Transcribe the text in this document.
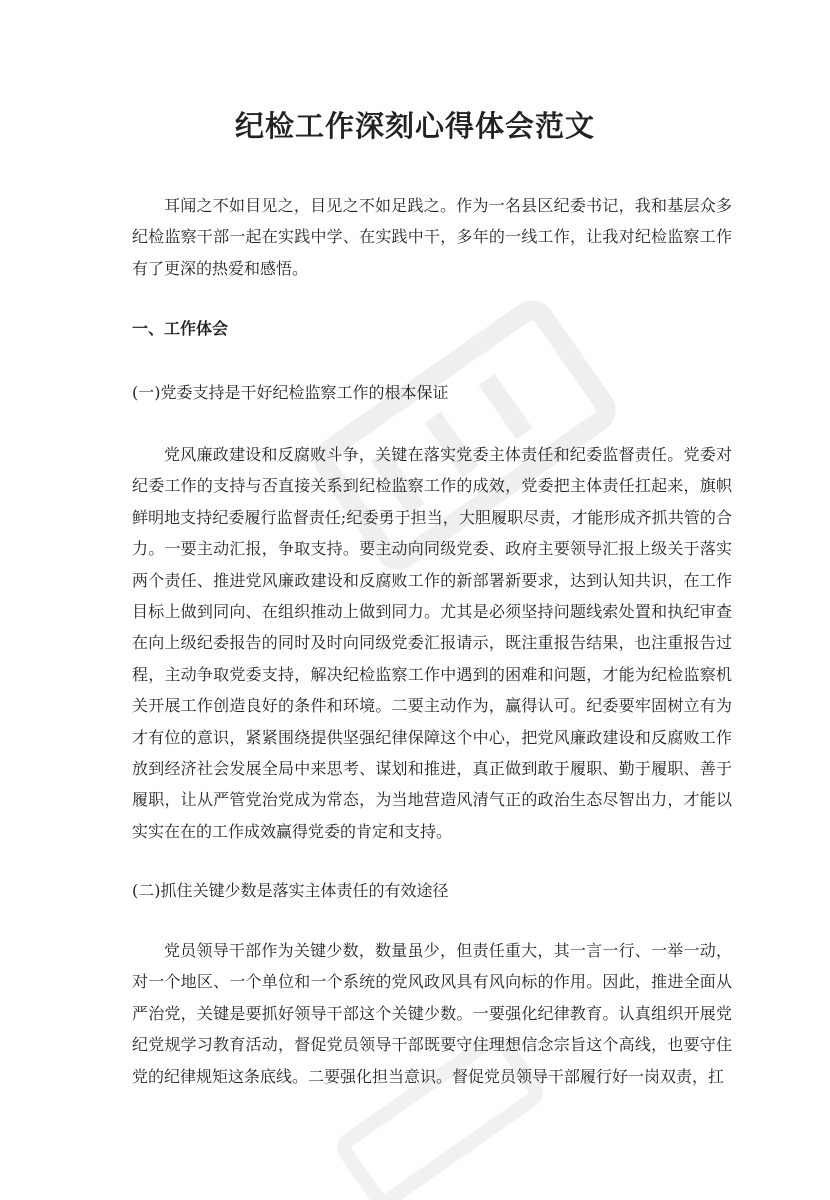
纪检工作深刻心得体会范文

耳闻之不如目见之，目见之不如足践之。作为一名县区纪委书记，我和基层众多纪检监察干部一起在实践中学、在实践中干，多年的一线工作，让我对纪检监察工作有了更深的热爱和感悟。

一、工作体会

(一)党委支持是干好纪检监察工作的根本保证

党风廉政建设和反腐败斗争，关键在落实党委主体责任和纪委监督责任。党委对纪委工作的支持与否直接关系到纪检监察工作的成效，党委把主体责任扛起来，旗帜鲜明地支持纪委履行监督责任;纪委勇于担当，大胆履职尽责，才能形成齐抓共管的合力。一要主动汇报，争取支持。要主动向同级党委、政府主要领导汇报上级关于落实两个责任、推进党风廉政建设和反腐败工作的新部署新要求，达到认知共识，在工作目标上做到同向、在组织推动上做到同力。尤其是必须坚持问题线索处置和执纪审查在向上级纪委报告的同时及时向同级党委汇报请示，既注重报告结果，也注重报告过程，主动争取党委支持，解决纪检监察工作中遇到的困难和问题，才能为纪检监察机关开展工作创造良好的条件和环境。二要主动作为，赢得认可。纪委要牢固树立有为才有位的意识，紧紧围绕提供坚强纪律保障这个中心，把党风廉政建设和反腐败工作放到经济社会发展全局中来思考、谋划和推进，真正做到敢于履职、勤于履职、善于履职，让从严管党治党成为常态，为当地营造风清气正的政治生态尽智出力，才能以实实在在的工作成效赢得党委的肯定和支持。

(二)抓住关键少数是落实主体责任的有效途径

党员领导干部作为关键少数，数量虽少，但责任重大，其一言一行、一举一动，对一个地区、一个单位和一个系统的党风政风具有风向标的作用。因此，推进全面从严治党，关键是要抓好领导干部这个关键少数。一要强化纪律教育。认真组织开展党纪党规学习教育活动，督促党员领导干部既要守住理想信念宗旨这个高线，也要守住党的纪律规矩这条底线。二要强化担当意识。督促党员领导干部履行好一岗双责，扛
